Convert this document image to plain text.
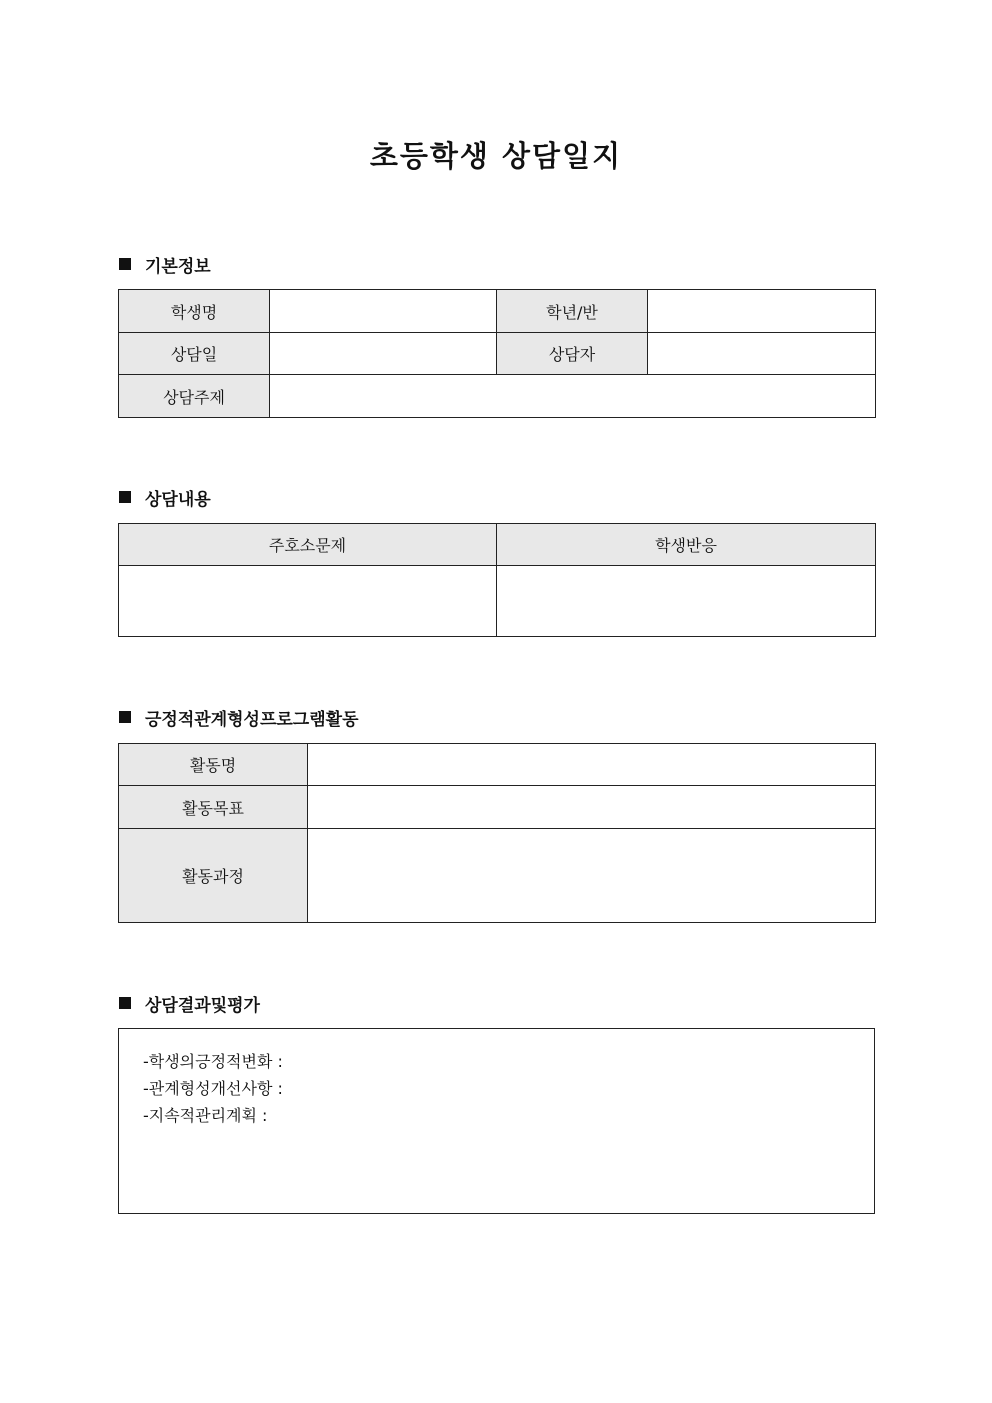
초등학생 상담일지
기본정보
학생명		학년/반	
상담일		상담자	
상담주제			
상담내용
주호소문제	학생반응

긍정적관계형성프로그램활동
활동명	
활동목표	
활동과정	
상담결과및평가
-학생의긍정적변화 :
-관계형성개선사항 :
-지속적관리계획 :
